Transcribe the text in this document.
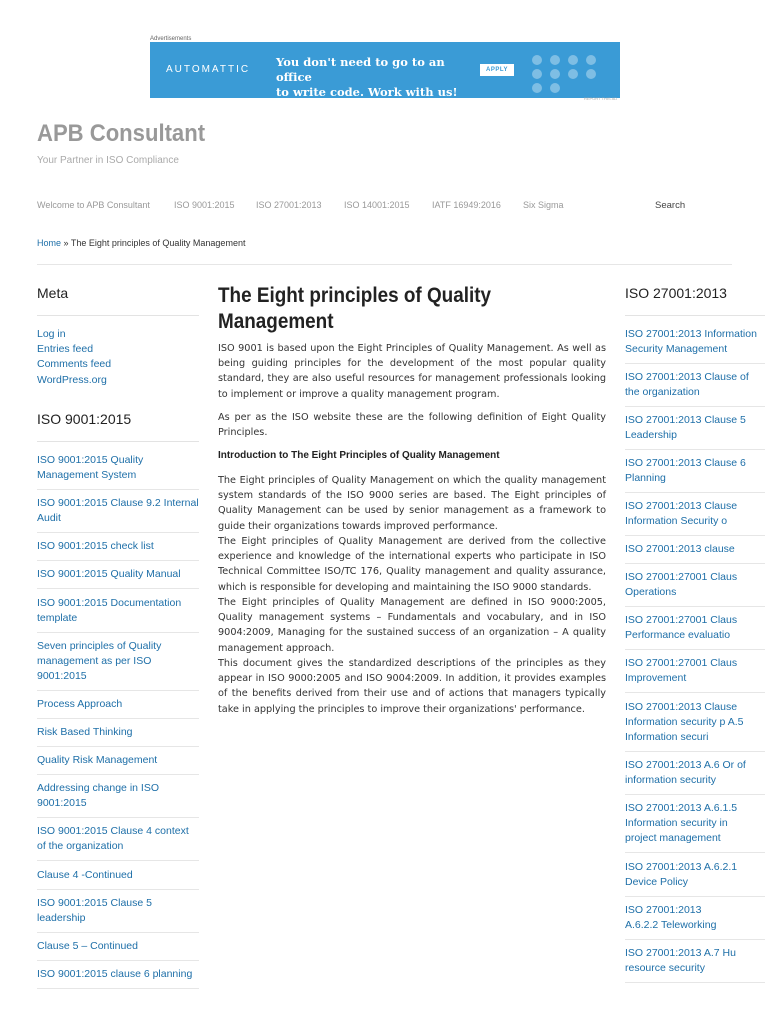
Advertisements
AUTOMATTIC
You don't need to go to an office
to write code. Work with us!
APPLY
REPORT THIS AD
APB Consultant
Your Partner in ISO Compliance
Welcome to APB Consultant	ISO 9001:2015 ISO 27001:2013 ISO 14001:2015 IATF 16949:2016 Six Sigma	Search
Home » The Eight principles of Quality Management
Meta
Log in
Entries feed
Comments feed
WordPress.org
ISO 9001:2015
ISO 9001:2015 Quality Management System
ISO 9001:2015 Clause 9.2 Internal Audit
ISO 9001:2015 check list
ISO 9001:2015 Quality Manual
ISO 9001:2015 Documentation template
Seven principles of Quality management as per ISO 9001:2015
Process Approach
Risk Based Thinking
Quality Risk Management
Addressing change in ISO 9001:2015
ISO 9001:2015 Clause 4 context of the organization
Clause 4 -Continued
ISO 9001:2015 Clause 5 leadership
Clause 5 – Continued
ISO 9001:2015 clause 6 planning
The Eight principles of Quality Management
ISO 9001 is based upon the Eight Principles of Quality Management. As well as being guiding principles for the development of the most popular quality standard, they are also useful resources for management professionals looking to implement or improve a quality management program.
As per as the ISO website these are the following definition of Eight Quality Principles.
Introduction to The Eight Principles of Quality Management
The Eight principles of Quality Management on which the quality management system standards of the ISO 9000 series are based. The Eight principles of Quality Management can be used by senior management as a framework to guide their organizations towards improved performance.
The Eight principles of Quality Management are derived from the collective experience and knowledge of the international experts who participate in ISO Technical Committee ISO/TC 176, Quality management and quality assurance, which is responsible for developing and maintaining the ISO 9000 standards.
The Eight principles of Quality Management are defined in ISO 9000:2005, Quality management systems – Fundamentals and vocabulary, and in ISO 9004:2009, Managing for the sustained success of an organization – A quality management approach.
This document gives the standardized descriptions of the principles as they appear in ISO 9000:2005 and ISO 9004:2009. In addition, it provides examples of the benefits derived from their use and of actions that managers typically take in applying the principles to improve their organizations' performance.
ISO 27001:2013
ISO 27001:2013 Information Security Management
ISO 27001:2013 Clause of the organization
ISO 27001:2013 Clause 5 Leadership
ISO 27001:2013 Clause 6 Planning
ISO 27001:2013 Clause Information Security o
ISO 27001:2013 clause
ISO 27001:27001 Claus Operations
ISO 27001:27001 Claus Performance evaluatio
ISO 27001:27001 Claus Improvement
ISO 27001:2013 Clause Information security p A.5 Information securi
ISO 27001:2013 A.6 Or of information security
ISO 27001:2013 A.6.1.5 Information security in project management
ISO 27001:2013 A.6.2.1 Device Policy
ISO 27001:2013 A.6.2.2 Teleworking
ISO 27001:2013 A.7 Hu resource security
